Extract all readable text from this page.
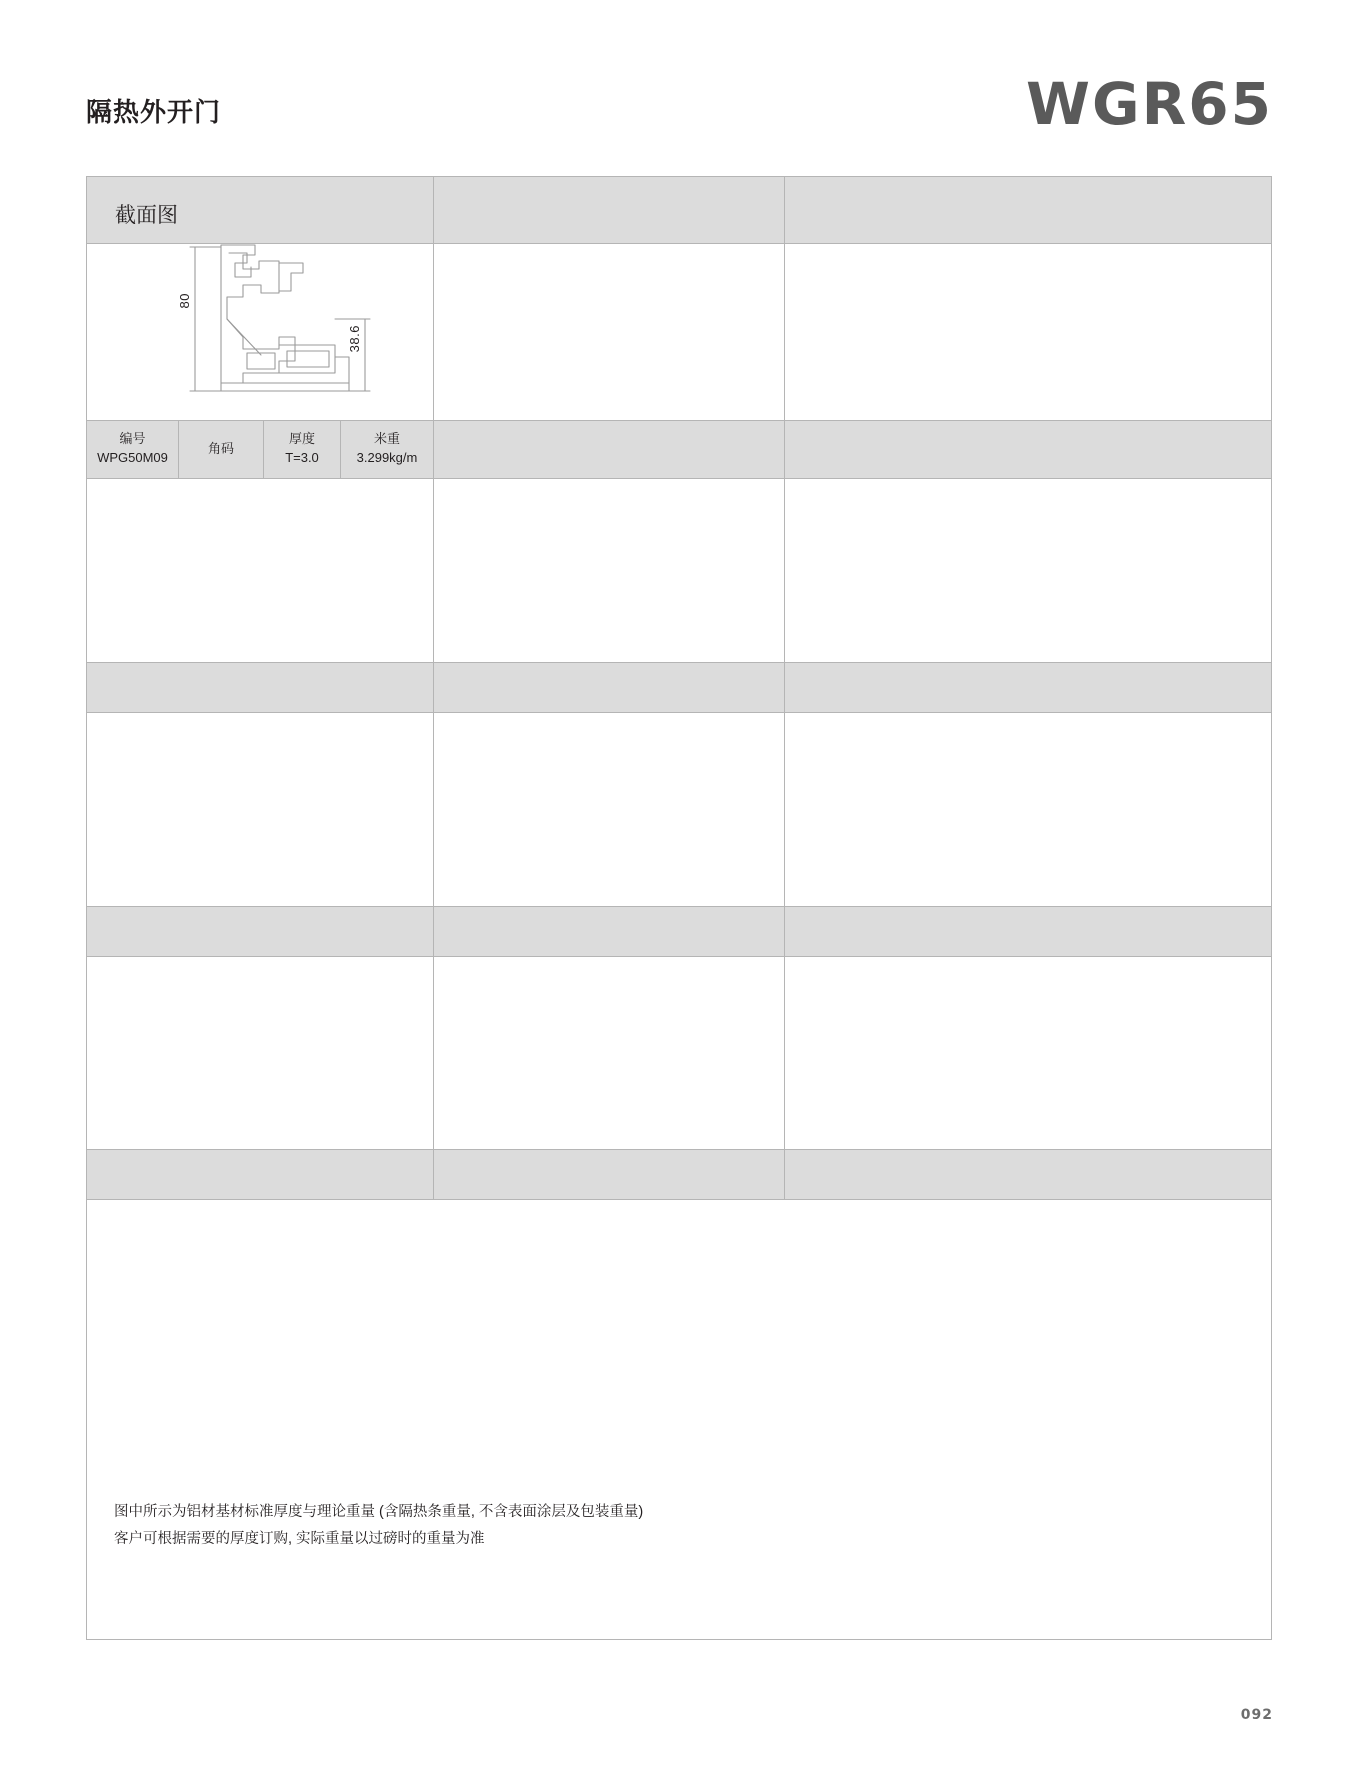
隔热外开门	WGR65
截面图
80
38.6
编号
WPG50M09
角码
厚度
T=3.0
米重
3.299kg/m
图中所示为铝材基材标准厚度与理论重量 (含隔热条重量, 不含表面涂层及包装重量)
客户可根据需要的厚度订购, 实际重量以过磅时的重量为准
092
